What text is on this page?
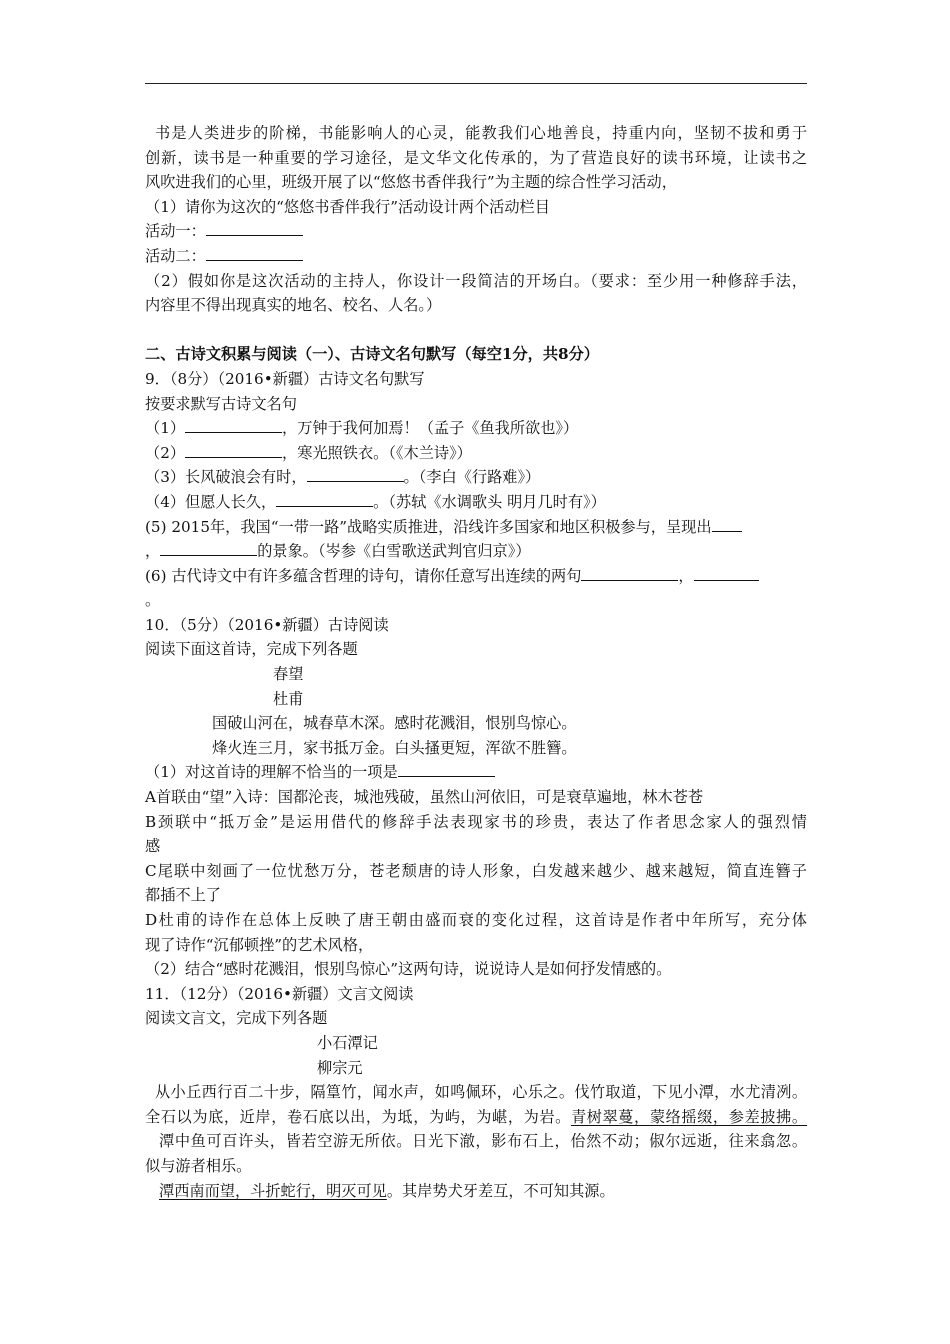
书是人类进步的阶梯，书能影响人的心灵，能教我们心地善良，持重内向，坚韧不拔和勇于
创新，读书是一种重要的学习途径，是文华文化传承的，为了营造良好的读书环境，让读书之
风吹进我们的心里，班级开展了以“悠悠书香伴我行”为主题的综合性学习活动，
（1）请你为这次的“悠悠书香伴我行”活动设计两个活动栏目
活动一：
活动二：
（2）假如你是这次活动的主持人，你设计一段简洁的开场白。（要求：至少用一种修辞手法，
内容里不得出现真实的地名、校名、人名。）
二、古诗文积累与阅读（一）、古诗文名句默写（每空1分，共8分）
9．（8分）（2016•新疆）古诗文名句默写
按要求默写古诗文名句
（1）	，万钟于我何加焉！（孟子《鱼我所欲也》）
（2）	，寒光照铁衣。（《木兰诗》）
（3）长风破浪会有时，	。（李白《行路难》）
（4）但愿人长久，	。（苏轼《水调歌头 明月几时有》）
(5) 2015年，我国“一带一路”战略实质推进，沿线许多国家和地区积极参与，呈现出
，	的景象。（岑参《白雪歌送武判官归京》）
(6) 古代诗文中有许多蕴含哲理的诗句，请你任意写出连续的两句	，
。
10．（5分）（2016•新疆）古诗阅读
阅读下面这首诗，完成下列各题
春望
杜甫
国破山河在，城春草木深。感时花溅泪，恨别鸟惊心。
烽火连三月，家书抵万金。白头搔更短，浑欲不胜簪。
（1）对这首诗的理解不恰当的一项是
A首联由“望”入诗：国都沦丧，城池残破，虽然山河依旧，可是衰草遍地，林木苍苍
B颈联中“抵万金”是运用借代的修辞手法表现家书的珍贵，表达了作者思念家人的强烈情
感
C尾联中刻画了一位忧愁万分，苍老颓唐的诗人形象，白发越来越少、越来越短，简直连簪子
都插不上了
D杜甫的诗作在总体上反映了唐王朝由盛而衰的变化过程，这首诗是作者中年所写，充分体
现了诗作“沉郁顿挫”的艺术风格，
（2）结合“感时花溅泪，恨别鸟惊心”这两句诗，说说诗人是如何抒发情感的。
11．（12分）（2016•新疆）文言文阅读
阅读文言文，完成下列各题
小石潭记
柳宗元
从小丘西行百二十步，隔篁竹，闻水声，如鸣佩环，心乐之。伐竹取道，下见小潭，水尤清冽。
全石以为底，近岸，卷石底以出，为坻，为屿，为嵁，为岩。青树翠蔓，蒙络摇缀，参差披拂。
潭中鱼可百许头，皆若空游无所依。日光下澈，影布石上，佁然不动；俶尔远逝，往来翕忽。
似与游者相乐。
潭西南而望，斗折蛇行，明灭可见。其岸势犬牙差互，不可知其源。
